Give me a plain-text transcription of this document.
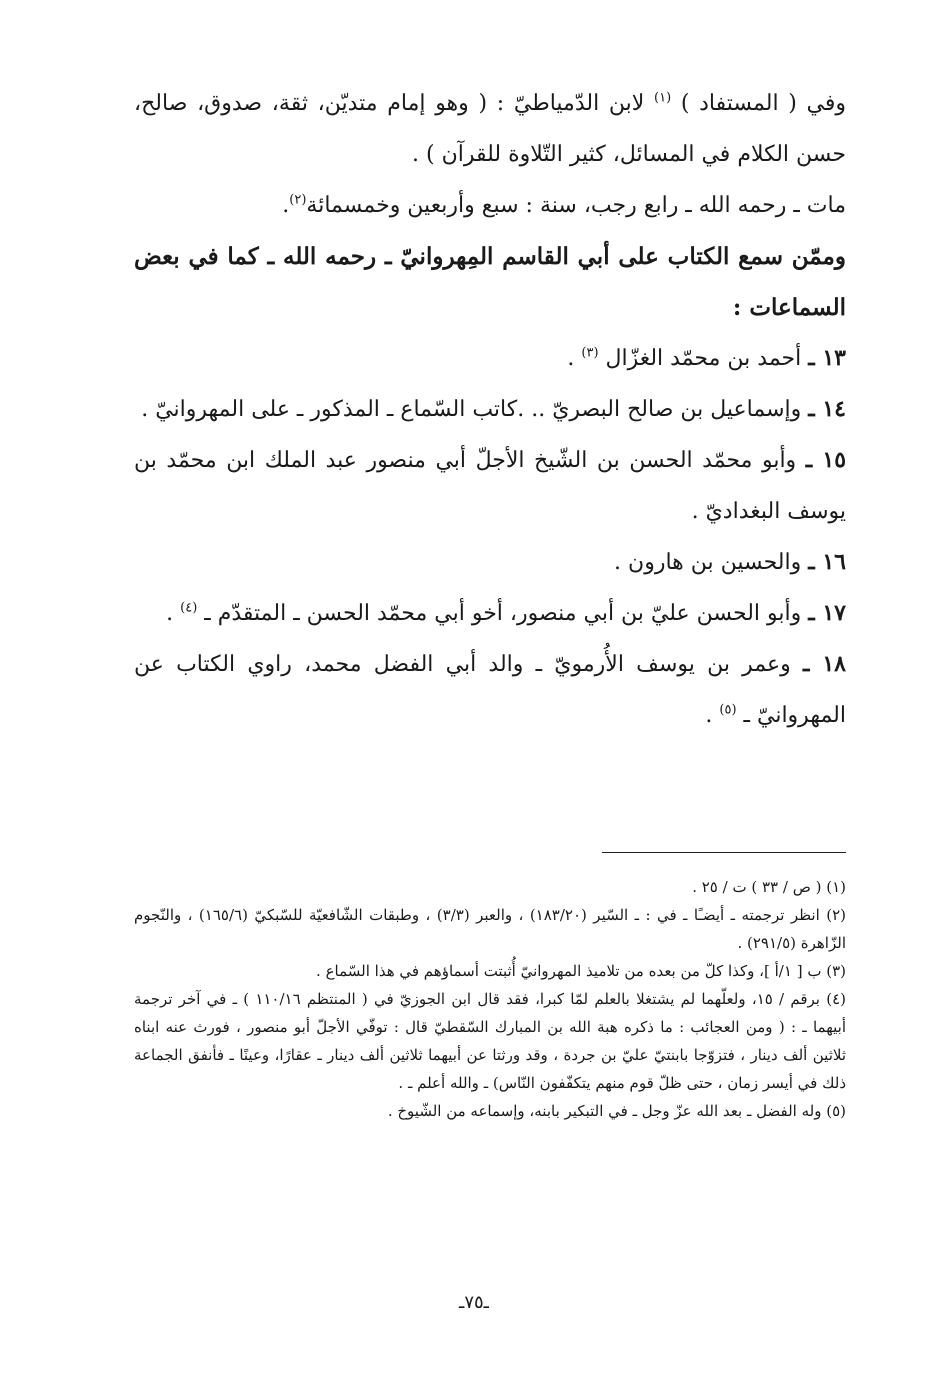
وفي ( المستفاد ) $^{(١)}$ لابن الدّمياطيّ : ( وهو إمام متديّن، ثقة، صدوق، صالح، حسن الكلام في المسائل، كثير التّلاوة للقرآن ) .

مات ـ رحمه الله ـ رابع رجب، سنة : سبع وأربعين وخمسمائة$^{(٢)}$.

وممّن سمع الكتاب على أبي القاسم المِهروانيّ ـ رحمه الله ـ كما في بعض السماعات :

١٣ ـ أحمد بن محمّد الغزّال $^{(٣)}$ .

١٤ ـ وإسماعيل بن صالح البصريّ .. .كاتب السّماع ـ المذكور ـ على المهروانيّ .

١٥ ـ وأبو محمّد الحسن بن الشّيخ الأجلّ أبي منصور عبد الملك ابن محمّد بن يوسف البغداديّ .

١٦ ـ والحسين بن هارون .

١٧ ـ وأبو الحسن عليّ بن أبي منصور، أخو أبي محمّد الحسن ـ المتقدّم ـ $^{(٤)}$ .

١٨ ـ وعمر بن يوسف الأُرمويّ ـ والد أبي الفضل محمد، راوي الكتاب عن المهروانيّ ـ $^{(٥)}$ .

(١) ( ص / ٣٣ ) ت / ٢٥ .

(٢) انظر ترجمته ـ أيضـًا ـ في : ـ السّير (١٨٣/٢٠) ، والعبر (٣/٣) ، وطبقات الشّافعيّة للسّبكيّ (١٦٥/٦) ، والنّجوم الزّاهرة (٢٩١/٥) .

(٣) ب [ ١/أ ]، وكذا كلّ من بعده من تلاميذ المهروانيّ أُثبتت أسماؤهم في هذا السّماع .

(٤) برقم / ١٥، ولعلّهما لم يشتغلا بالعلم لمّا كبرا، فقد قال ابن الجوزيّ في ( المنتظم ١١٠/١٦ ) ـ في آخر ترجمة أبيهما ـ : ( ومن العجائب : ما ذكره هبة الله بن المبارك السّقطيّ قال : توفّي الأجلّ أبو منصور ، فورث عنه ابناه ثلاثين ألف دينار ، فتزوّجا بابنتيّ عليّ بن جردة ، وقد ورثتا عن أبيهما ثلاثين ألف دينار ـ عقارًا، وعينًا ـ فأنفق الجماعة ذلك في أيسر زمان ، حتى ظلّ قوم منهم يتكفّفون النّاس) ـ والله أعلم ـ .

(٥) وله الفضل ـ بعد الله عزّ وجل ـ في التبكير بابنه، وإسماعه من الشّيوخ .

ـ٧٥ـ
